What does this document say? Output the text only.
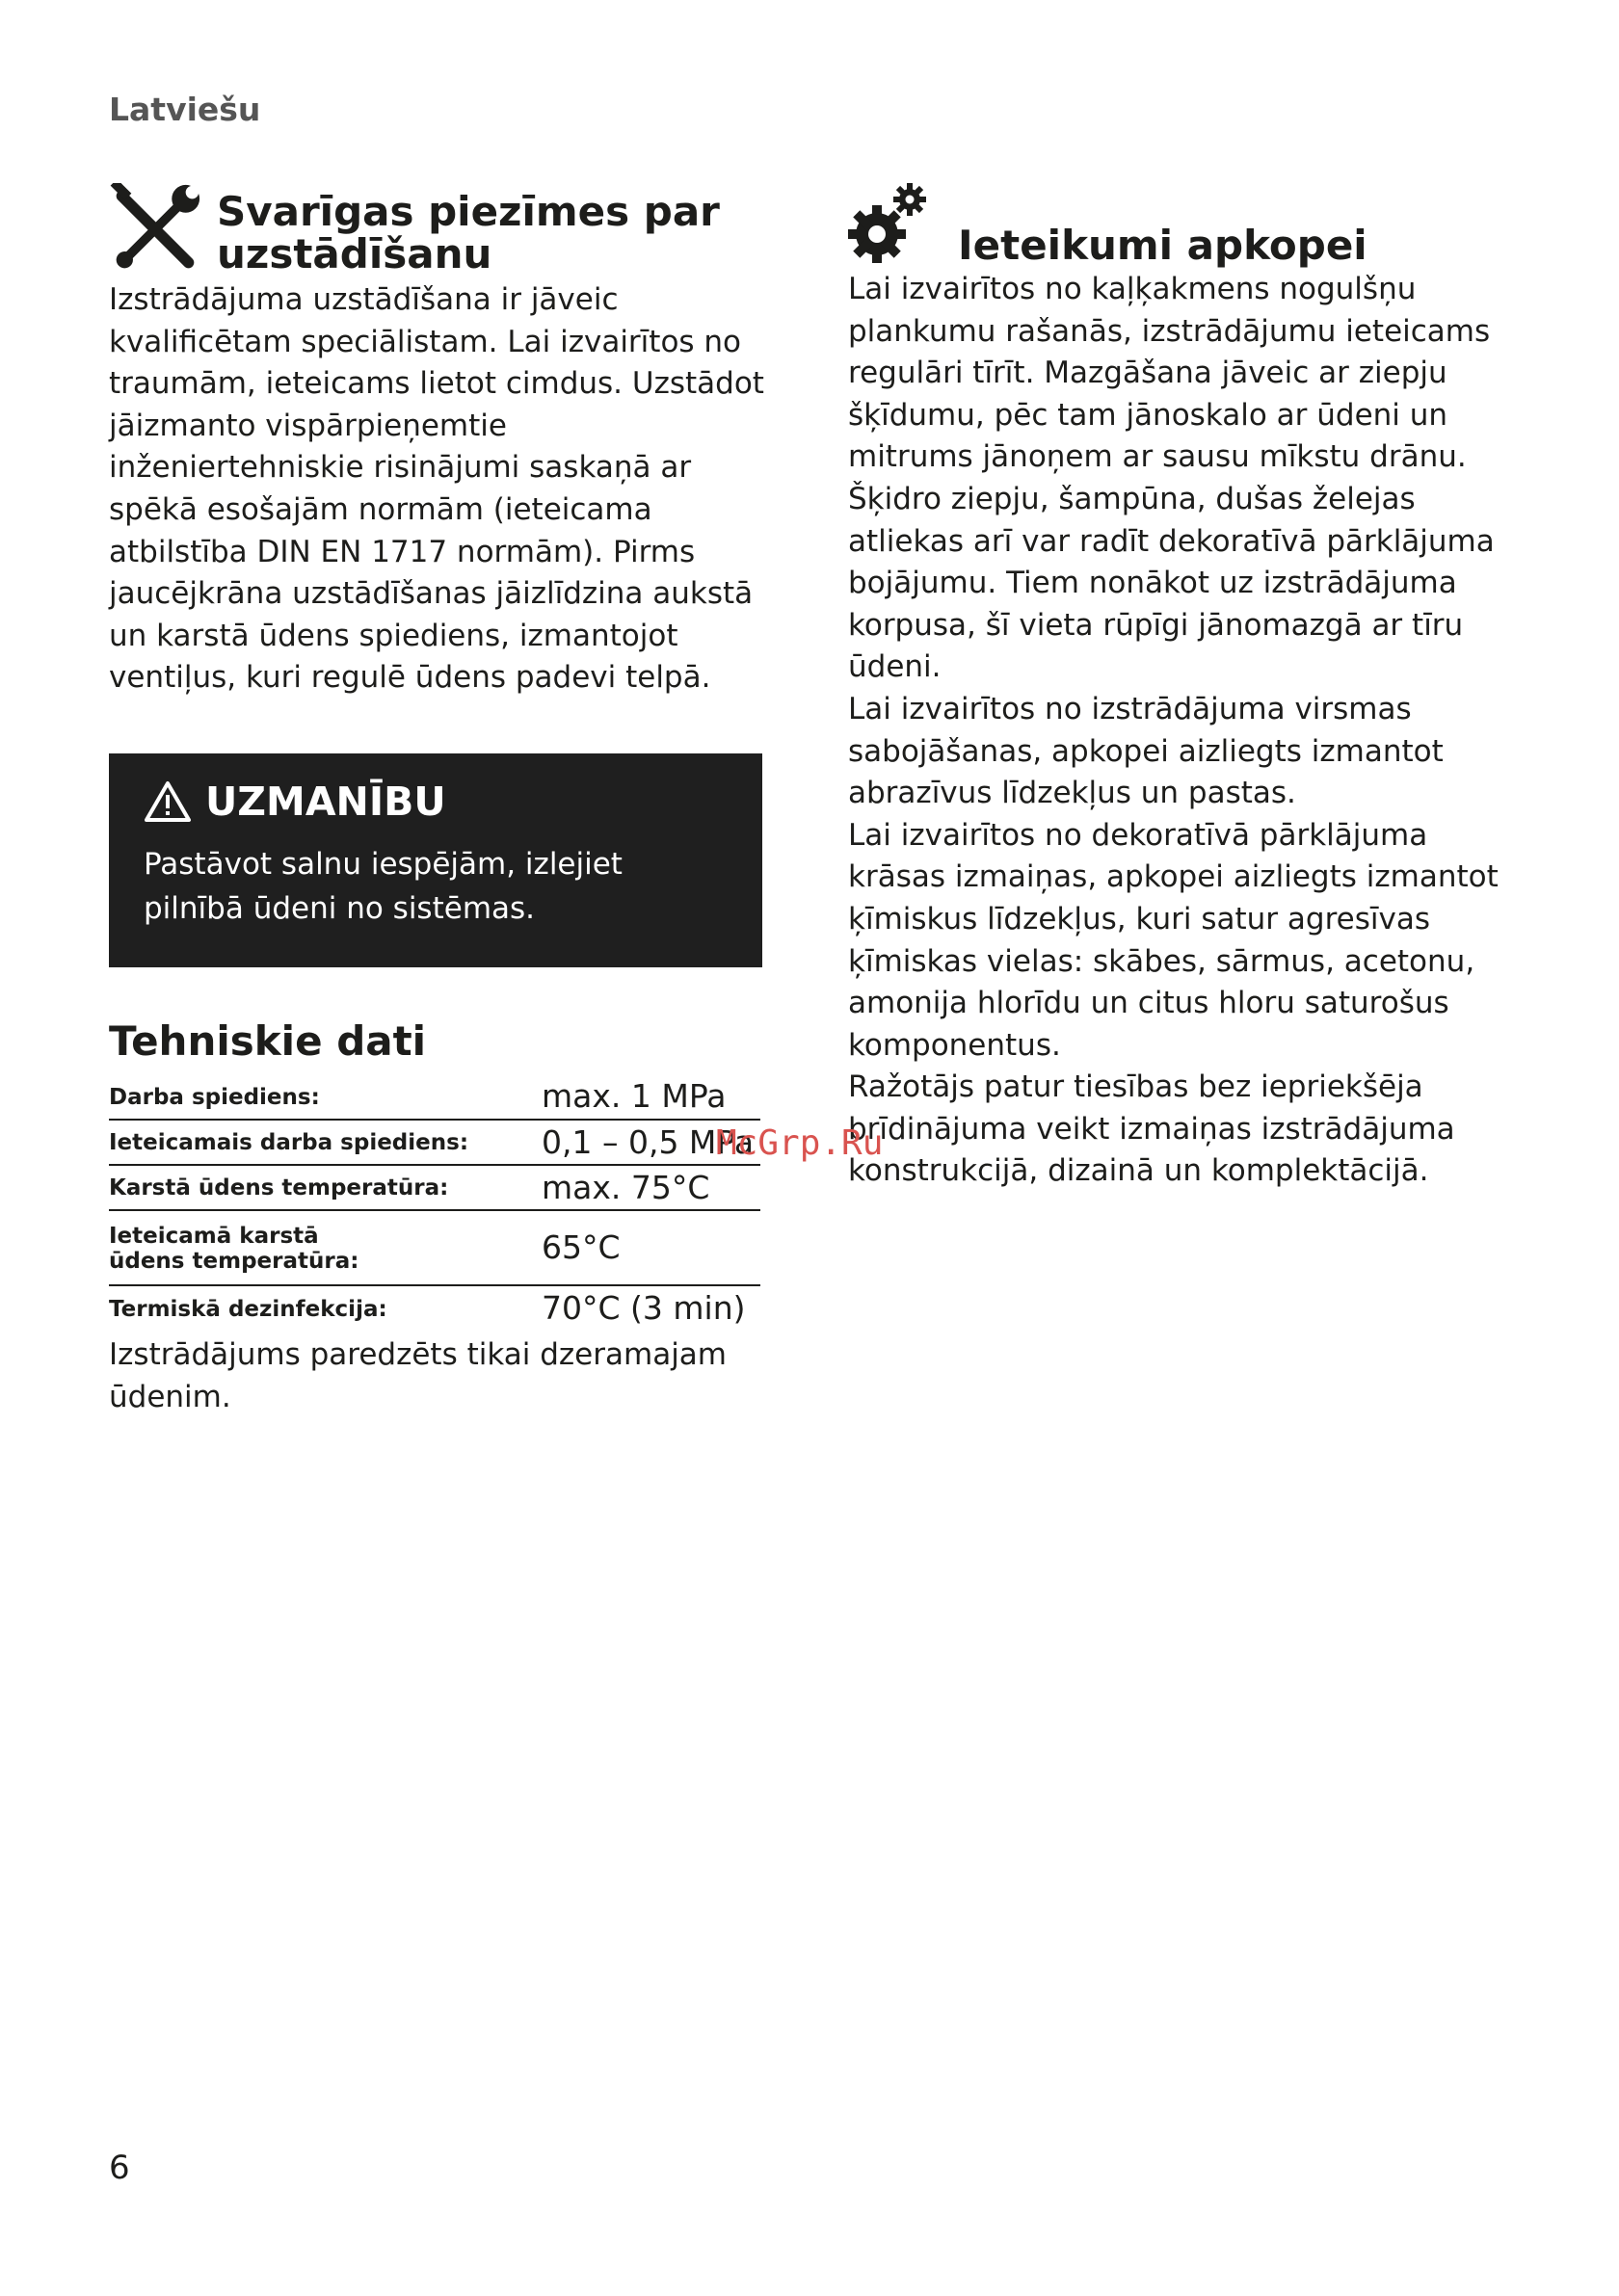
Latviešu
Svarīgas piezīmes par uzstādīšanu

Izstrādājuma uzstādīšana ir jāveic kvalificētam speciālistam. Lai izvairītos no traumām, ieteicams lietot cimdus. Uzstādot jāizmanto vispārpieņemtie inženiertehniskie risinājumi saskaņā ar spēkā esošajām normām (ieteicama atbilstība DIN EN 1717 normām). Pirms jaucējkrāna uzstādīšanas jāizlīdzina aukstā un karstā ūdens spiediens, izmantojot ventiļus, kuri regulē ūdens padevi telpā.

UZMANĪBU
Pastāvot salnu iespējām, izlejiet pilnībā ūdeni no sistēmas.
Tehniskie dati
Darba spiediens:	max. 1 MPa
Ieteicamais darba spiediens:	0,1 – 0,5 MPa
Karstā ūdens temperatūra:	max. 75°C
Ieteicamā karstā ūdens temperatūra:	65°C
Termiskā dezinfekcija:	70°C (3 min)

Izstrādājums paredzēts tikai dzeramajam ūdenim.

Ieteikumi apkopei

Lai izvairītos no kaļķakmens nogulšņu plankumu rašanās, izstrādājumu ieteicams regulāri tīrīt. Mazgāšana jāveic ar ziepju šķīdumu, pēc tam jānoskalo ar ūdeni un mitrums jānoņem ar sausu mīkstu drānu.

Šķidro ziepju, šampūna, dušas želejas atliekas arī var radīt dekoratīvā pārklājuma bojājumu. Tiem nonākot uz izstrādājuma korpusa, šī vieta rūpīgi jānomazgā ar tīru ūdeni.

Lai izvairītos no izstrādājuma virsmas sabojāšanas, apkopei aizliegts izmantot abrazīvus līdzekļus un pastas.

Lai izvairītos no dekoratīvā pārklājuma krāsas izmaiņas, apkopei aizliegts izmantot ķīmiskus līdzekļus, kuri satur agresīvas ķīmiskas vielas: skābes, sārmus, acetonu, amonija hlorīdu un citus hloru saturošus komponentus.

Ražotājs patur tiesības bez iepriekšēja brīdinājuma veikt izmaiņas izstrādājuma konstrukcijā, dizainā un komplektācijā.

McGrp.Ru
6
